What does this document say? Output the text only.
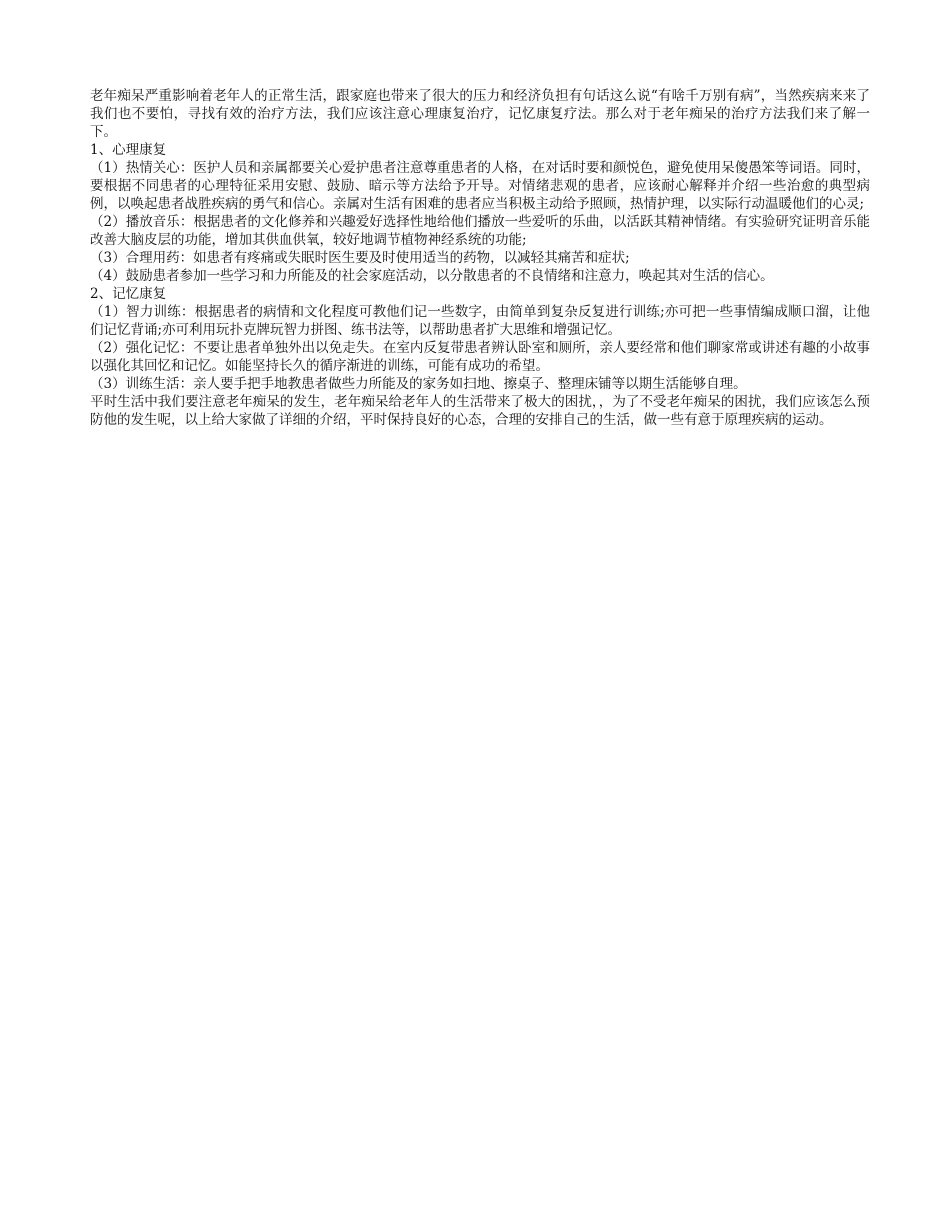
老年痴呆严重影响着老年人的正常生活，跟家庭也带来了很大的压力和经济负担有句话这么说“有啥千万别有病”，当然疾病来来了我们也不要怕，寻找有效的治疗方法，我们应该注意心理康复治疗，记忆康复疗法。那么对于老年痴呆的治疗方法我们来了解一下。

1、心理康复

（1）热情关心：医护人员和亲属都要关心爱护患者注意尊重患者的人格，在对话时要和颜悦色，避免使用呆傻愚笨等词语。同时，要根据不同患者的心理特征采用安慰、鼓励、暗示等方法给予开导。对情绪悲观的患者，应该耐心解释并介绍一些治愈的典型病例，以唤起患者战胜疾病的勇气和信心。亲属对生活有困难的患者应当积极主动给予照顾，热情护理，以实际行动温暖他们的心灵;

（2）播放音乐：根据患者的文化修养和兴趣爱好选择性地给他们播放一些爱听的乐曲，以活跃其精神情绪。有实验研究证明音乐能改善大脑皮层的功能，增加其供血供氧，较好地调节植物神经系统的功能;

（3）合理用药：如患者有疼痛或失眠时医生要及时使用适当的药物，以减轻其痛苦和症状;

（4）鼓励患者参加一些学习和力所能及的社会家庭活动，以分散患者的不良情绪和注意力，唤起其对生活的信心。

2、记忆康复

（1）智力训练：根据患者的病情和文化程度可教他们记一些数字，由简单到复杂反复进行训练;亦可把一些事情编成顺口溜，让他们记忆背诵;亦可利用玩扑克牌玩智力拼图、练书法等，以帮助患者扩大思维和增强记忆。

（2）强化记忆：不要让患者单独外出以免走失。在室内反复带患者辨认卧室和厕所，亲人要经常和他们聊家常或讲述有趣的小故事以强化其回忆和记忆。如能坚持长久的循序渐进的训练，可能有成功的希望。

（3）训练生活：亲人要手把手地教患者做些力所能及的家务如扫地、擦桌子、整理床铺等以期生活能够自理。

平时生活中我们要注意老年痴呆的发生，老年痴呆给老年人的生活带来了极大的困扰，，为了不受老年痴呆的困扰，我们应该怎么预防他的发生呢，以上给大家做了详细的介绍，平时保持良好的心态，合理的安排自己的生活，做一些有意于原理疾病的运动。
